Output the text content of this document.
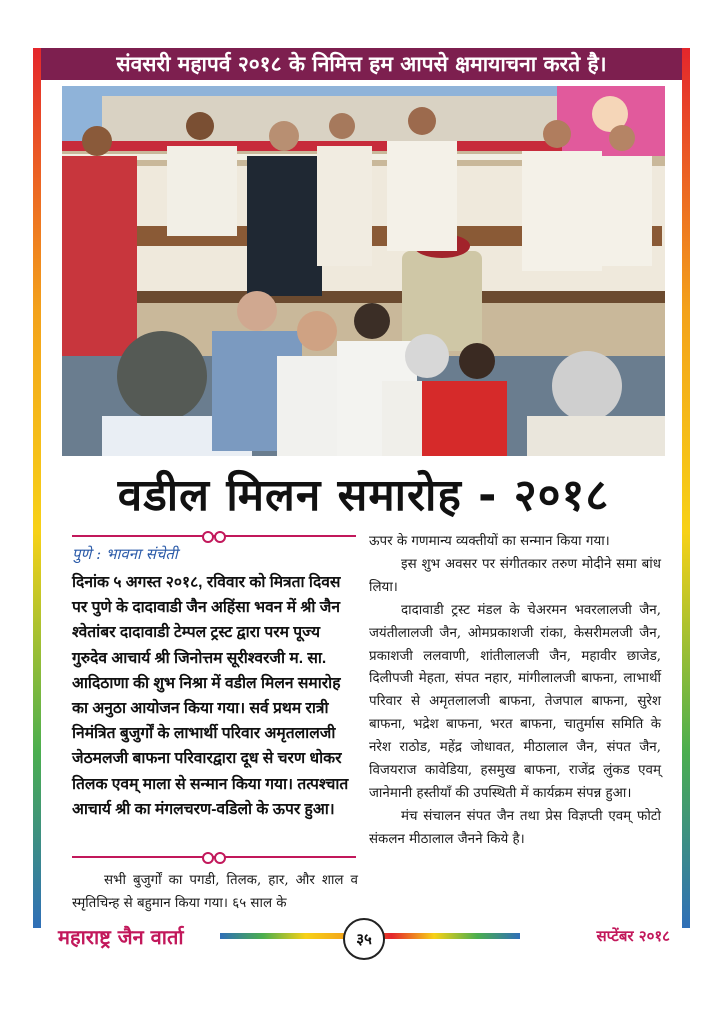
संवसरी महापर्व २०१८ के निमित्त हम आपसे क्षमायाचना करते है।
वडील मिलन समारोह - २०१८
पुणे : भावना संचेती
दिनांक ५ अगस्त २०१८, रविवार को मित्रता दिवस पर पुणे के दादावाडी जैन अहिंसा भवन में श्री जैन श्वेतांबर दादावाडी टेम्पल ट्रस्ट द्वारा परम पूज्य गुरुदेव आचार्य श्री जिनोत्तम सूरीश्वरजी म. सा. आदिठाणा की शुभ निश्रा में वडील मिलन समारोह का अनुठा आयोजन किया गया। सर्व प्रथम रात्री निमंत्रित बुजुर्गों के लाभार्थी परिवार अमृतलालजी जेठमलजी बाफना परिवारद्वारा दूध से चरण धोकर तिलक एवम् माला से सन्मान किया गया। तत्पश्चात आचार्य श्री का मंगलचरण-वडिलो के ऊपर हुआ।

सभी बुजुर्गों का पगडी, तिलक, हार, और शाल व स्मृतिचिन्ह से बहुमान किया गया। ६५ साल के

ऊपर के गणमान्य व्यक्तीयों का सन्मान किया गया।

इस शुभ अवसर पर संगीतकार तरुण मोदीने समा बांध लिया।

दादावाडी ट्रस्ट मंडल के चेअरमन भवरलालजी जैन, जयंतीलालजी जैन, ओमप्रकाशजी रांका, केसरीमलजी जैन, प्रकाशजी ललवाणी, शांतीलालजी जैन, महावीर छाजेड, दिलीपजी मेहता, संपत नहार, मांगीलालजी बाफना, लाभार्थी परिवार से अमृतलालजी बाफना, तेजपाल बाफना, सुरेश बाफना, भद्रेश बाफना, भरत बाफना, चातुर्मास समिति के नरेश राठोड, महेंद्र जोधावत, मीठालाल जैन, संपत जैन, विजयराज कावेडिया, हसमुख बाफना, राजेंद्र लुंकड एवम् जानेमानी हस्तीयाँ की उपस्थिती में कार्यक्रम संपन्न हुआ।

मंच संचालन संपत जैन तथा प्रेस विज्ञप्ती एवम् फोटो संकलन मीठालाल जैनने किये है।

महाराष्ट्र जैन वार्ता	३५	सप्टेंबर २०१८
